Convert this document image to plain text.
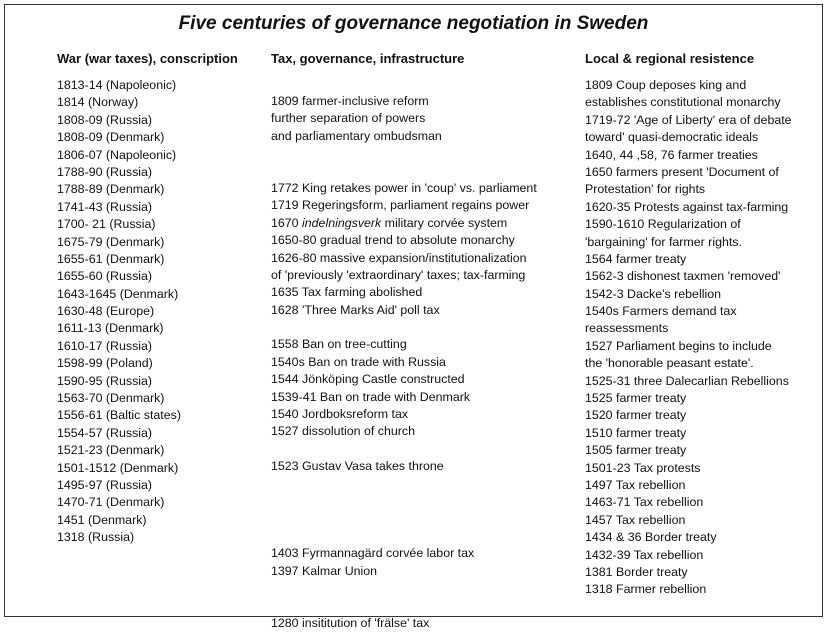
Five centuries of governance negotiation in Sweden
War (war taxes), conscription	Tax, governance, infrastructure	Local & regional resistence
1813-14 (Napoleonic)
1814 (Norway)
1808-09 (Russia)
1808-09 (Denmark)
1806-07 (Napoleonic)
1788-90 (Russia)
1788-89 (Denmark)
1741-43 (Russia)
1700- 21 (Russia)
1675-79 (Denmark)
1655-61 (Denmark)
1655-60 (Russia)
1643-1645 (Denmark)
1630-48 (Europe)
1611-13 (Denmark)
1610-17 (Russia)
1598-99 (Poland)
1590-95 (Russia)
1563-70 (Denmark)
1556-61 (Baltic states)
1554-57 (Russia)
1521-23 (Denmark)
1501-1512 (Denmark)
1495-97 (Russia)
1470-71 (Denmark)
1451 (Denmark)
1318 (Russia)
1809 farmer-inclusive reform
further separation of powers
and parliamentary ombudsman
1772 King retakes power in 'coup' vs. parliament
1719 Regeringsform, parliament regains power
1670 indelningsverk military corvée system
1650-80 gradual trend to absolute monarchy
1626-80 massive expansion/institutionalization
of 'previously 'extraordinary' taxes; tax-farming
1635 Tax farming abolished
1628 'Three Marks Aid' poll tax
1558 Ban on tree-cutting
1540s Ban on trade with Russia
1544 Jönköping Castle constructed
1539-41 Ban on trade with Denmark
1540 Jordboksreform tax
1527 dissolution of church
1523 Gustav Vasa takes throne
1403 Fyrmannagärd corvée labor tax
1397 Kalmar Union
1280 insititution of 'frälse' tax
1809 Coup deposes king and
establishes constitutional monarchy
1719-72 'Age of Liberty' era of debate
toward' quasi-democratic ideals
1640, 44 ,58, 76 farmer treaties
1650 farmers present 'Document of
Protestation' for rights
1620-35 Protests against tax-farming
1590-1610 Regularization of
'bargaining' for farmer rights.
1564 farmer treaty
1562-3 dishonest taxmen 'removed'
1542-3 Dacke's rebellion
1540s Farmers demand tax
reassessments
1527 Parliament begins to include
the 'honorable peasant estate'.
1525-31 three Dalecarlian Rebellions
1525 farmer treaty
1520 farmer treaty
1510 farmer treaty
1505 farmer treaty
1501-23 Tax protests
1497 Tax rebellion
1463-71 Tax rebellion
1457 Tax rebellion
1434 & 36 Border treaty
1432-39 Tax rebellion
1381 Border treaty
1318 Farmer rebellion
